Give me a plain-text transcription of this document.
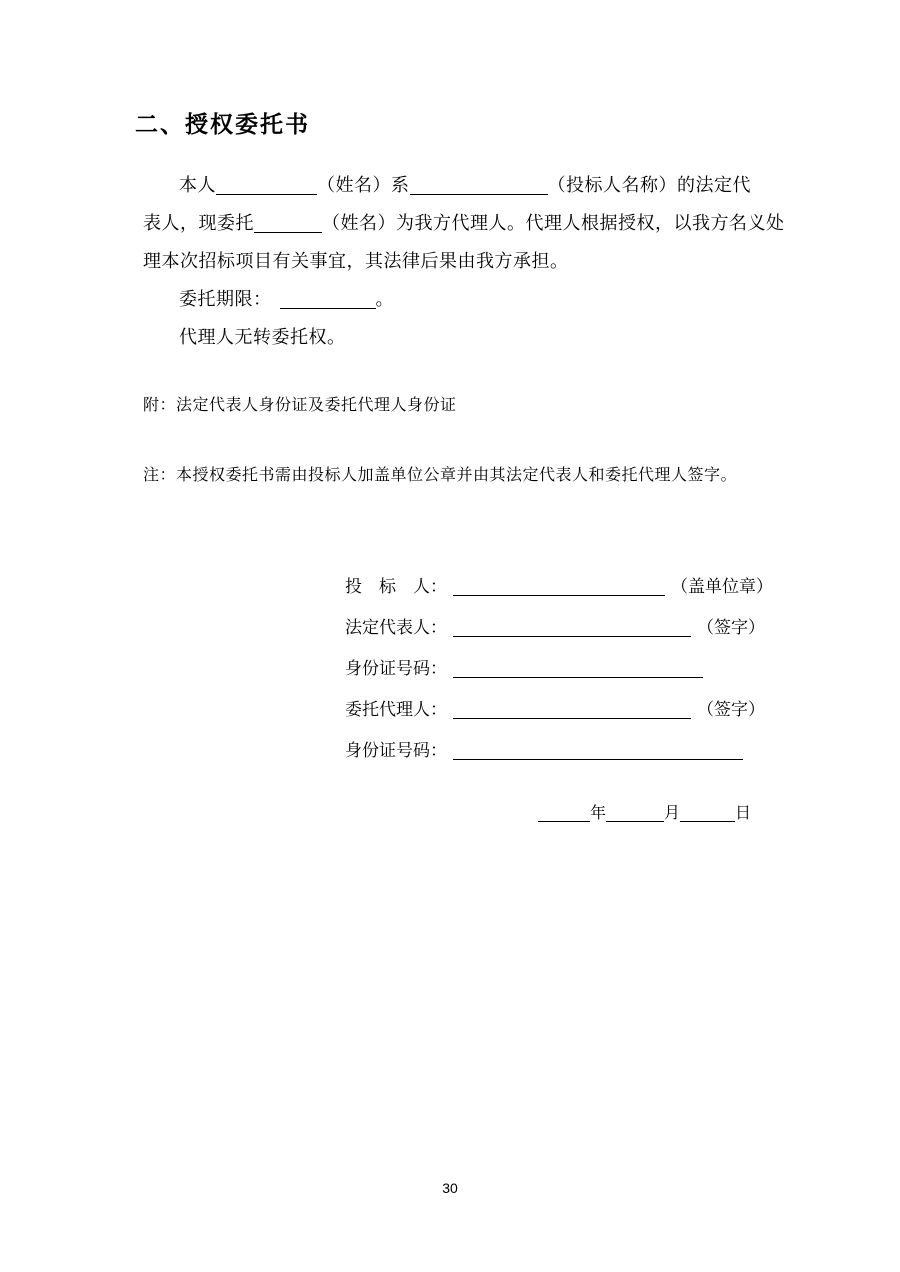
二、授权委托书
本人	（姓名）系	（投标人名称）的法定代
表人，现委托	（姓名）为我方代理人。代理人根据授权，以我方名义处
理本次招标项目有关事宜，其法律后果由我方承担。
委托期限：	。
代理人无转委托权。
附：法定代表人身份证及委托代理人身份证
注：本授权委托书需由投标人加盖单位公章并由其法定代表人和委托代理人签字。
投　标　人：	（盖单位章）
法定代表人：	（签字）
身份证号码：
委托代理人：	（签字）
身份证号码：
年	月	日
30
